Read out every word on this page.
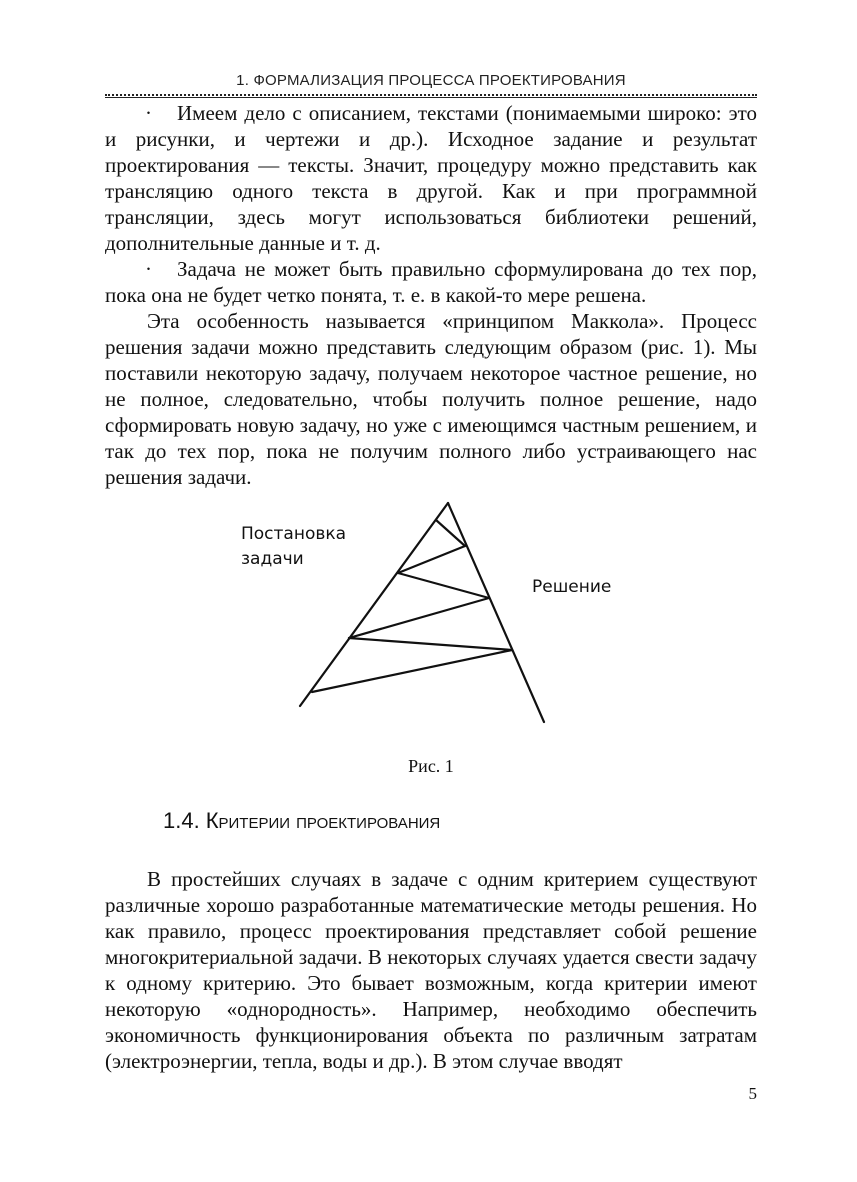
1. ФОРМАЛИЗАЦИЯ ПРОЦЕССА ПРОЕКТИРОВАНИЯ

· Имеем дело с описанием, текстами (понимаемыми широко: это и рисунки, и чертежи и др.). Исходное задание и результат проектирования — тексты. Значит, процедуру можно представить как трансляцию одного текста в другой. Как и при программной трансляции, здесь могут использоваться библиотеки решений, дополнительные данные и т. д.

· Задача не может быть правильно сформулирована до тех пор, пока она не будет четко понята, т. е. в какой-то мере решена.

Эта особенность называется «принципом Маккола». Процесс решения задачи можно представить следующим образом (рис. 1). Мы поставили некоторую задачу, получаем некоторое частное решение, но не полное, следовательно, чтобы получить полное решение, надо сформировать новую задачу, но уже с имеющимся частным решением, и так до тех пор, пока не получим полного либо устраивающего нас решения задачи.

Постановка
задачи
Решение
Рис. 1
1.4. Критерии проектирования

В простейших случаях в задаче с одним критерием существуют различные хорошо разработанные математические методы решения. Но как правило, процесс проектирования представляет собой решение многокритериальной задачи. В некоторых случаях удается свести задачу к одному критерию. Это бывает возможным, когда критерии имеют некоторую «однородность». Например, необходимо обеспечить экономичность функционирования объекта по различным затратам (электроэнергии, тепла, воды и др.). В этом случае вводят

5
